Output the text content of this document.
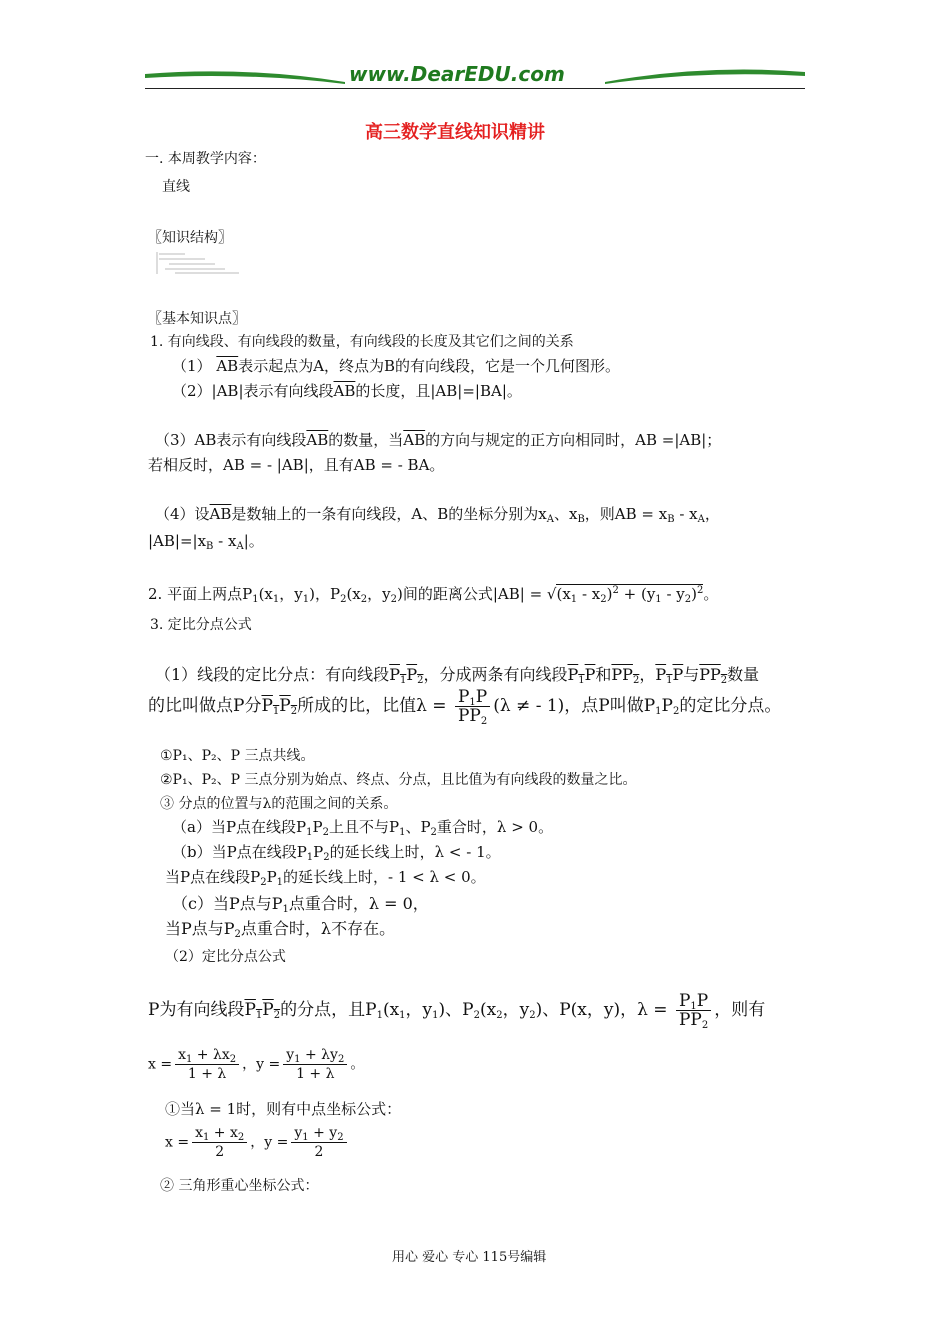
www.DearEDU.com
高三数学直线知识精讲
一. 本周教学内容：
直线
〖知识结构〗
〖基本知识点〗
1. 有向线段、有向线段的数量，有向线段的长度及其它们之间的关系
（1） $\overline{AB}$表示起点为A，终点为B的有向线段，它是一个几何图形。
（2）|AB|表示有向线段$\overline{AB}$的长度，且|AB|=|BA|。
（3）AB表示有向线段$\overline{AB}$的数量，当$\overline{AB}$的方向与规定的正方向相同时，AB =|AB|；
若相反时，AB = - |AB|，且有AB = - BA。
（4）设$\overline{AB}$是数轴上的一条有向线段，A、B的坐标分别为$x_A$、$x_B$，则AB = $x_B - x_A$，
$|AB|=|x_B - x_A|$。
2. 平面上两点$P_1(x_1$，$y_1$)，$P_2(x_2$，$y_2$)间的距离公式$|AB| = √(x_1 - x_2)^2 + (y_1 - y_2)^2$。
3. 定比分点公式
（1）线段的定比分点：有向线段$P_1P_2$，分成两条有向线段$P_1P$和$PP_2$，$P_1P$与$PP_2$数量
的比叫做点P分$P_1P_2$所成的比，比值$\lambda = \frac{P_1P}{PP_2} (\lambda$ ≠ - 1)，点P叫做$P_1P_2$的定比分点。
①P₁、P₂、P 三点共线。
②P₁、P₂、P 三点分别为始点、终点、分点，且比值为有向线段的数量之比。
③ 分点的位置与λ的范围之间的关系。
（a）当P点在线段$P_1P_2$上且不与$P_1$、$P_2$重合时，λ > 0。
（b）当P点在线段$P_1P_2$的延长线上时，λ < - 1。
当P点在线段$P_2P_1$的延长线上时，- 1 < λ < 0。
（c）当P点与$P_1$点重合时，λ = 0，
当P点与$P_2$点重合时，λ不存在。
（2）定比分点公式
P为有向线段$P_1P_2$的分点，且$P_1(x_1$，$y_1$)、$P_2(x_2$，$y_2$)、P(x，y)，$\lambda = \frac{P_1P}{PP_2}$ ，则有
$x = \frac{x_1 + \lambda x_2}{1 + \lambda}$ ，$y = \frac{y_1 + \lambda y_2}{1 + \lambda}$ 。
①当λ = 1时，则有中点坐标公式：
$x = \frac{x_1 + x_2}{2}$ ，$y = \frac{y_1 + y_2}{2}$
② 三角形重心坐标公式：
用心 爱心 专心 115号编辑
